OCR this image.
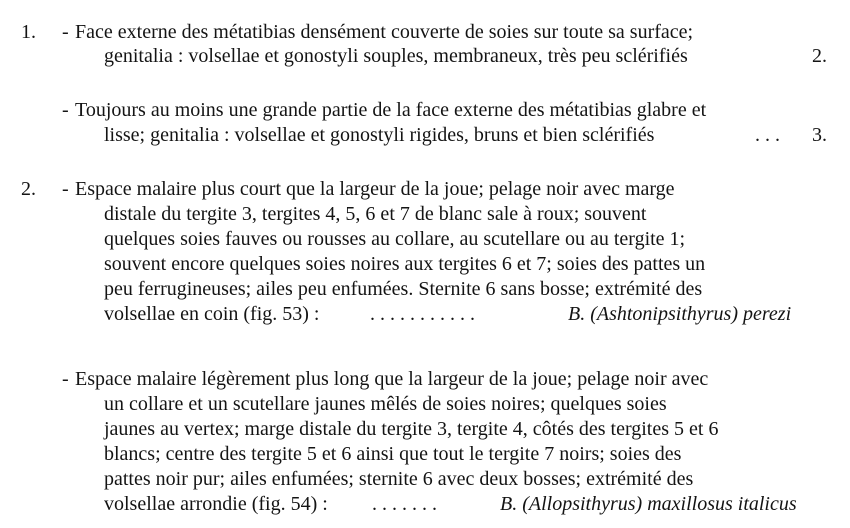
1. - Face externe des métatibias densément couverte de soies sur toute sa surface;
genitalia : volsellae et gonostyli souples, membraneux, très peu sclérifiés	2.
- Toujours au moins une grande partie de la face externe des métatibias glabre et
lisse; genitalia : volsellae et gonostyli rigides, bruns et bien sclérifiés	. . . 3.
2. - Espace malaire plus court que la largeur de la joue; pelage noir avec marge
distale du tergite 3, tergites 4, 5, 6 et 7 de blanc sale à roux; souvent
quelques soies fauves ou rousses au collare, au scutellare ou au tergite 1;
souvent encore quelques soies noires aux tergites 6 et 7; soies des pattes un
peu ferrugineuses; ailes peu enfumées. Sternite 6 sans bosse; extrémité des
volsellae en coin (fig. 53) :	. . . . . . . . . . .	B. (Ashtonipsithyrus) perezi
- Espace malaire légèrement plus long que la largeur de la joue; pelage noir avec
un collare et un scutellare jaunes mêlés de soies noires; quelques soies
jaunes au vertex; marge distale du tergite 3, tergite 4, côtés des tergites 5 et 6
blancs; centre des tergite 5 et 6 ainsi que tout le tergite 7 noirs; soies des
pattes noir pur; ailes enfumées; sternite 6 avec deux bosses; extrémité des
volsellae arrondie (fig. 54) : . . . . . . .	B. (Allopsithyrus) maxillosus italicus
